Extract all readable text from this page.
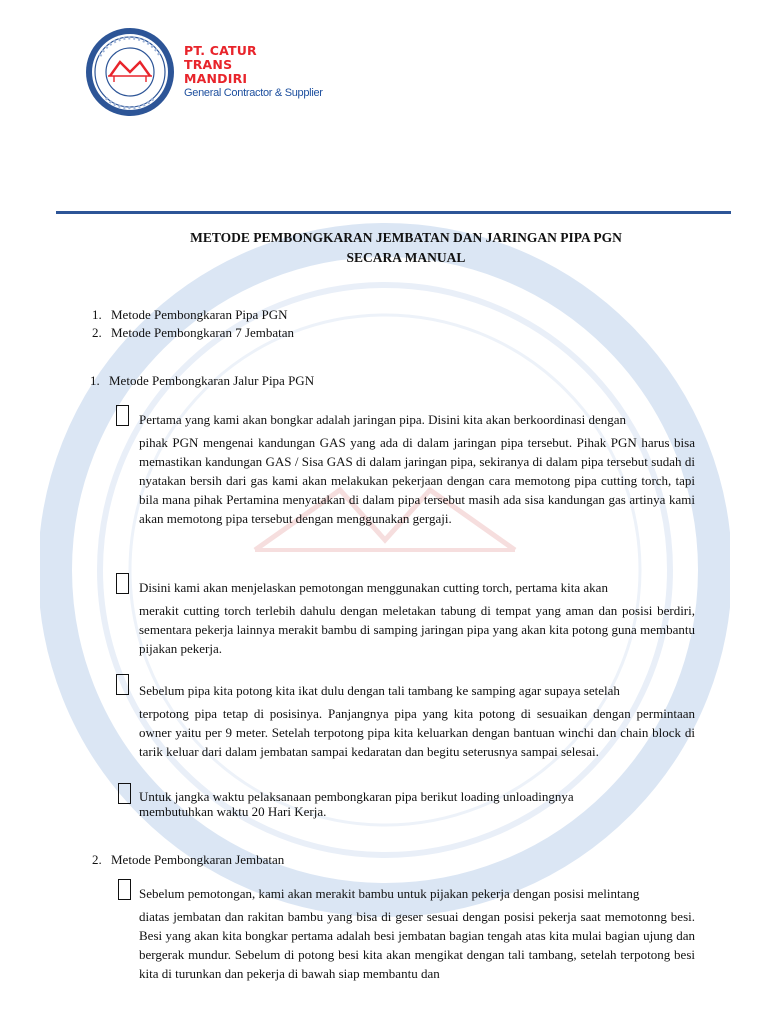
PT. CATUR
TRANS
MANDIRI
General Contractor & Supplier
METODE PEMBONGKARAN JEMBATAN DAN JARINGAN PIPA PGN
SECARA MANUAL
1. Metode Pembongkaran Pipa PGN
2. Metode Pembongkaran 7 Jembatan
1. Metode Pembongkaran Jalur Pipa PGN
Pertama yang kami akan bongkar adalah jaringan pipa. Disini kita akan berkoordinasi dengan
pihak PGN mengenai kandungan GAS yang ada di dalam jaringan pipa tersebut. Pihak PGN harus bisa memastikan kandungan GAS / Sisa GAS di dalam jaringan pipa, sekiranya di dalam pipa tersebut sudah di nyatakan bersih dari gas kami akan melakukan pekerjaan dengan cara memotong pipa cutting torch, tapi bila mana pihak Pertamina menyatakan di dalam pipa tersebut masih ada sisa kandungan gas artinya kami akan memotong pipa tersebut dengan menggunakan gergaji.
Disini kami akan menjelaskan pemotongan menggunakan cutting torch, pertama kita akan
merakit cutting torch terlebih dahulu dengan meletakan tabung di tempat yang aman dan posisi berdiri, sementara pekerja lainnya merakit bambu di samping jaringan pipa yang akan kita potong guna membantu pijakan pekerja.
Sebelum pipa kita potong kita ikat dulu dengan tali tambang ke samping agar supaya setelah
terpotong pipa tetap di posisinya. Panjangnya pipa yang kita potong di sesuaikan dengan permintaan owner yaitu per 9 meter. Setelah terpotong pipa kita keluarkan dengan bantuan winchi dan chain block di tarik keluar dari dalam jembatan sampai kedaratan dan begitu seterusnya sampai selesai.
Untuk jangka waktu pelaksanaan pembongkaran pipa berikut loading unloadingnya
membutuhkan waktu 20 Hari Kerja.
2. Metode Pembongkaran Jembatan
Sebelum pemotongan, kami akan merakit bambu untuk pijakan pekerja dengan posisi melintang
diatas jembatan dan rakitan bambu yang bisa di geser sesuai dengan posisi pekerja saat memotonng besi. Besi yang akan kita bongkar pertama adalah besi jembatan bagian tengah atas kita mulai bagian ujung dan bergerak mundur. Sebelum di potong besi kita akan mengikat dengan tali tambang, setelah terpotong besi kita di turunkan dan pekerja di bawah siap membantu dan
